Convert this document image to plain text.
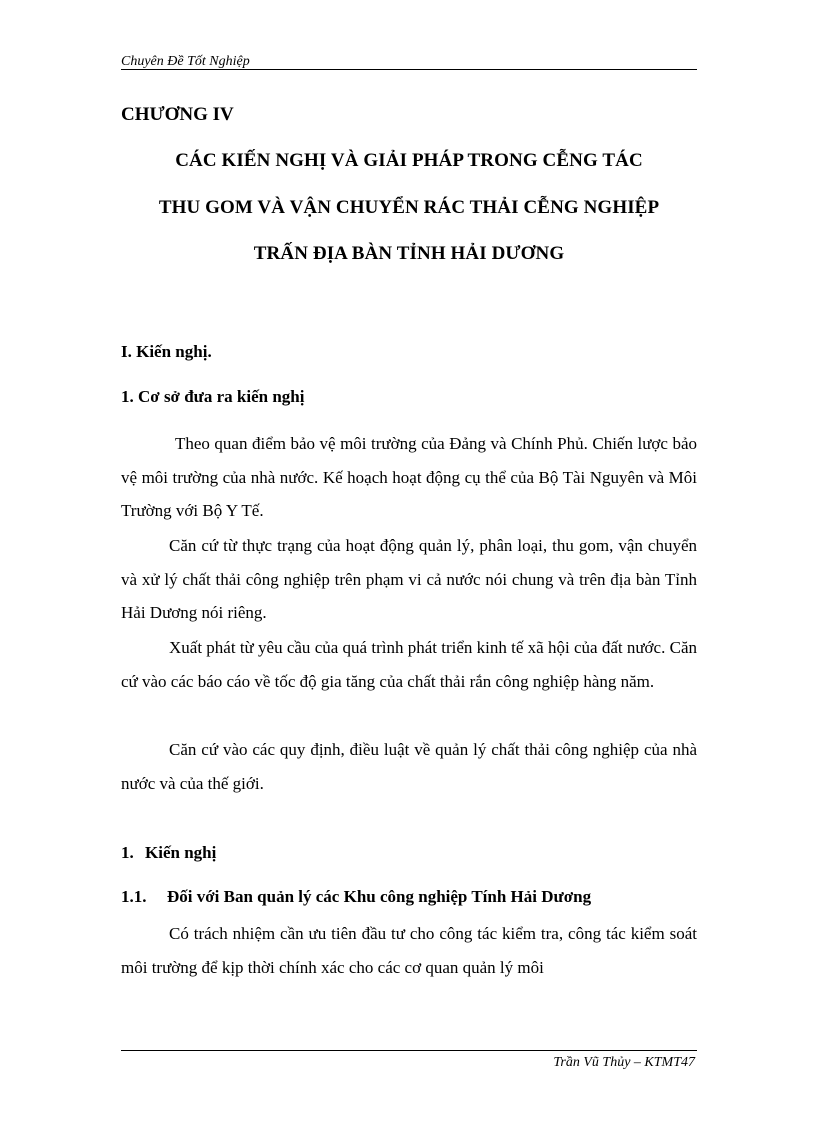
Chuyên Đề Tốt Nghiệp
CHƯƠNG IV
CÁC KIẾN NGHỊ VÀ GIẢI PHÁP TRONG CỄNG TÁC
THU GOM VÀ VẬN CHUYỂN RÁC THẢI CỄNG NGHIỆP
TRẤN ĐỊA BÀN TỈNH HẢI DƯƠNG
I. Kiến nghị.
1. Cơ sở đưa ra kiến nghị
Theo quan điểm bảo vệ môi trường của Đảng và Chính Phủ. Chiến lược bảo vệ môi trường của nhà nước. Kế hoạch hoạt động cụ thể của Bộ Tài Nguyên và Môi Trường với Bộ Y Tế.
Căn cứ từ thực trạng của hoạt động quản lý, phân loại, thu gom, vận chuyển và xử lý chất thải công nghiệp trên phạm vi cả nước nói chung và trên địa bàn Tỉnh Hải Dương nói riêng.
Xuất phát từ yêu cầu của quá trình phát triển kinh tế xã hội của đất nước. Căn cứ vào các báo cáo về tốc độ gia tăng của chất thải rắn công nghiệp hàng năm.
Căn cứ vào các quy định, điều luật về quản lý chất thải công nghiệp của nhà nước và của thế giới.
1. Kiến nghị
1.1. Đối với Ban quản lý các Khu công nghiệp Tính Hải Dương
Có trách nhiệm cần ưu tiên đầu tư cho công tác kiểm tra, công tác kiểm soát môi trường để kịp thời chính xác cho các cơ quan quản lý môi
Trần Vũ Thủy – KTMT47
